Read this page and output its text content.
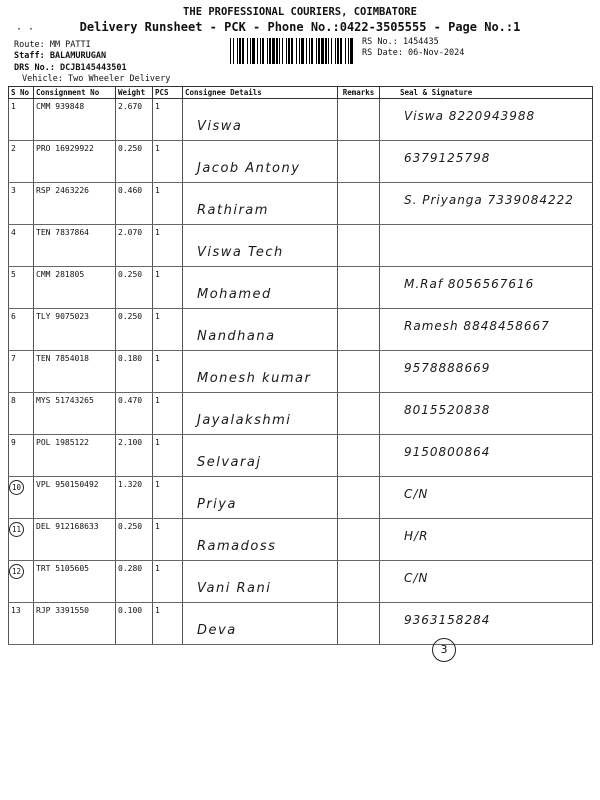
THE PROFESSIONAL COURIERS, COIMBATORE
Delivery Runsheet - PCK - Phone No.:0422-3505555 - Page No.:1
· ·
Route: MM PATTI
Staff: BALAMURUGAN
DRS No.: DCJB145443501
Vehicle: Two Wheeler Delivery
RS No.: 1454435
RS Date: 06-Nov-2024
S No	Consignment No	Weight	PCS	Consignee Details	Remarks	Seal & Signature
1	CMM 939848	2.670	1	Viswa		Viswa 8220943988

2	PRO 16929922	0.250	1	Jacob Antony		6379125798

3	RSP 2463226	0.460	1	Rathiram		S. Priyanga 7339084222

4	TEN 7837864	2.070	1	Viswa Tech		

5	CMM 281805	0.250	1	Mohamed		M.Raf 8056567616

6	TLY 9075023	0.250	1	Nandhana		Ramesh 8848458667

7	TEN 7854018	0.180	1	Monesh kumar		9578888669

8	MYS 51743265	0.470	1	Jayalakshmi		8015520838

9	POL 1985122	2.100	1	Selvaraj		9150800864

10	VPL 950150492	1.320	1	Priya		C/N

11	DEL 912168633	0.250	1	Ramadoss		H/R

12	TRT 5105605	0.280	1	Vani Rani		C/N

13	RJP 3391550	0.100	1	Deva		9363158284
3
